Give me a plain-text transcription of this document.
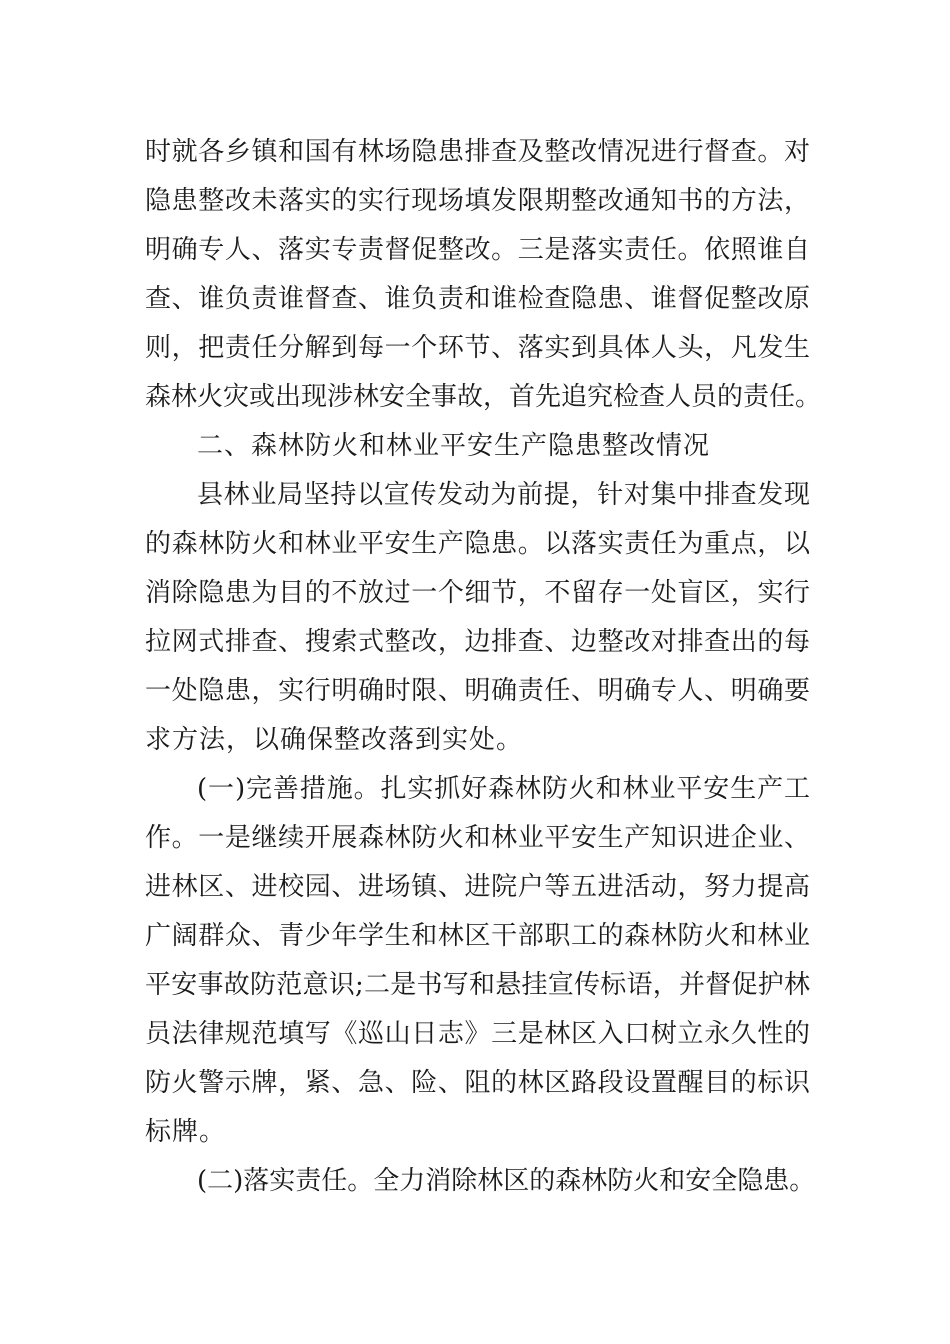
时就各乡镇和国有林场隐患排查及整改情况进行督查。对
隐患整改未落实的实行现场填发限期整改通知书的方法，
明确专人、落实专责督促整改。三是落实责任。依照谁自
查、谁负责谁督查、谁负责和谁检查隐患、谁督促整改原
则，把责任分解到每一个环节、落实到具体人头，凡发生
森林火灾或出现涉林安全事故，首先追究检查人员的责任。
二、森林防火和林业平安生产隐患整改情况
县林业局坚持以宣传发动为前提，针对集中排查发现
的森林防火和林业平安生产隐患。以落实责任为重点，以
消除隐患为目的不放过一个细节，不留存一处盲区，实行
拉网式排查、搜索式整改，边排查、边整改对排查出的每
一处隐患，实行明确时限、明确责任、明确专人、明确要
求方法，以确保整改落到实处。
(一)完善措施。扎实抓好森林防火和林业平安生产工
作。一是继续开展森林防火和林业平安生产知识进企业、
进林区、进校园、进场镇、进院户等五进活动，努力提高
广阔群众、青少年学生和林区干部职工的森林防火和林业
平安事故防范意识;二是书写和悬挂宣传标语，并督促护林
员法律规范填写《巡山日志》三是林区入口树立永久性的
防火警示牌，紧、急、险、阻的林区路段设置醒目的标识
标牌。
(二)落实责任。全力消除林区的森林防火和安全隐患。
